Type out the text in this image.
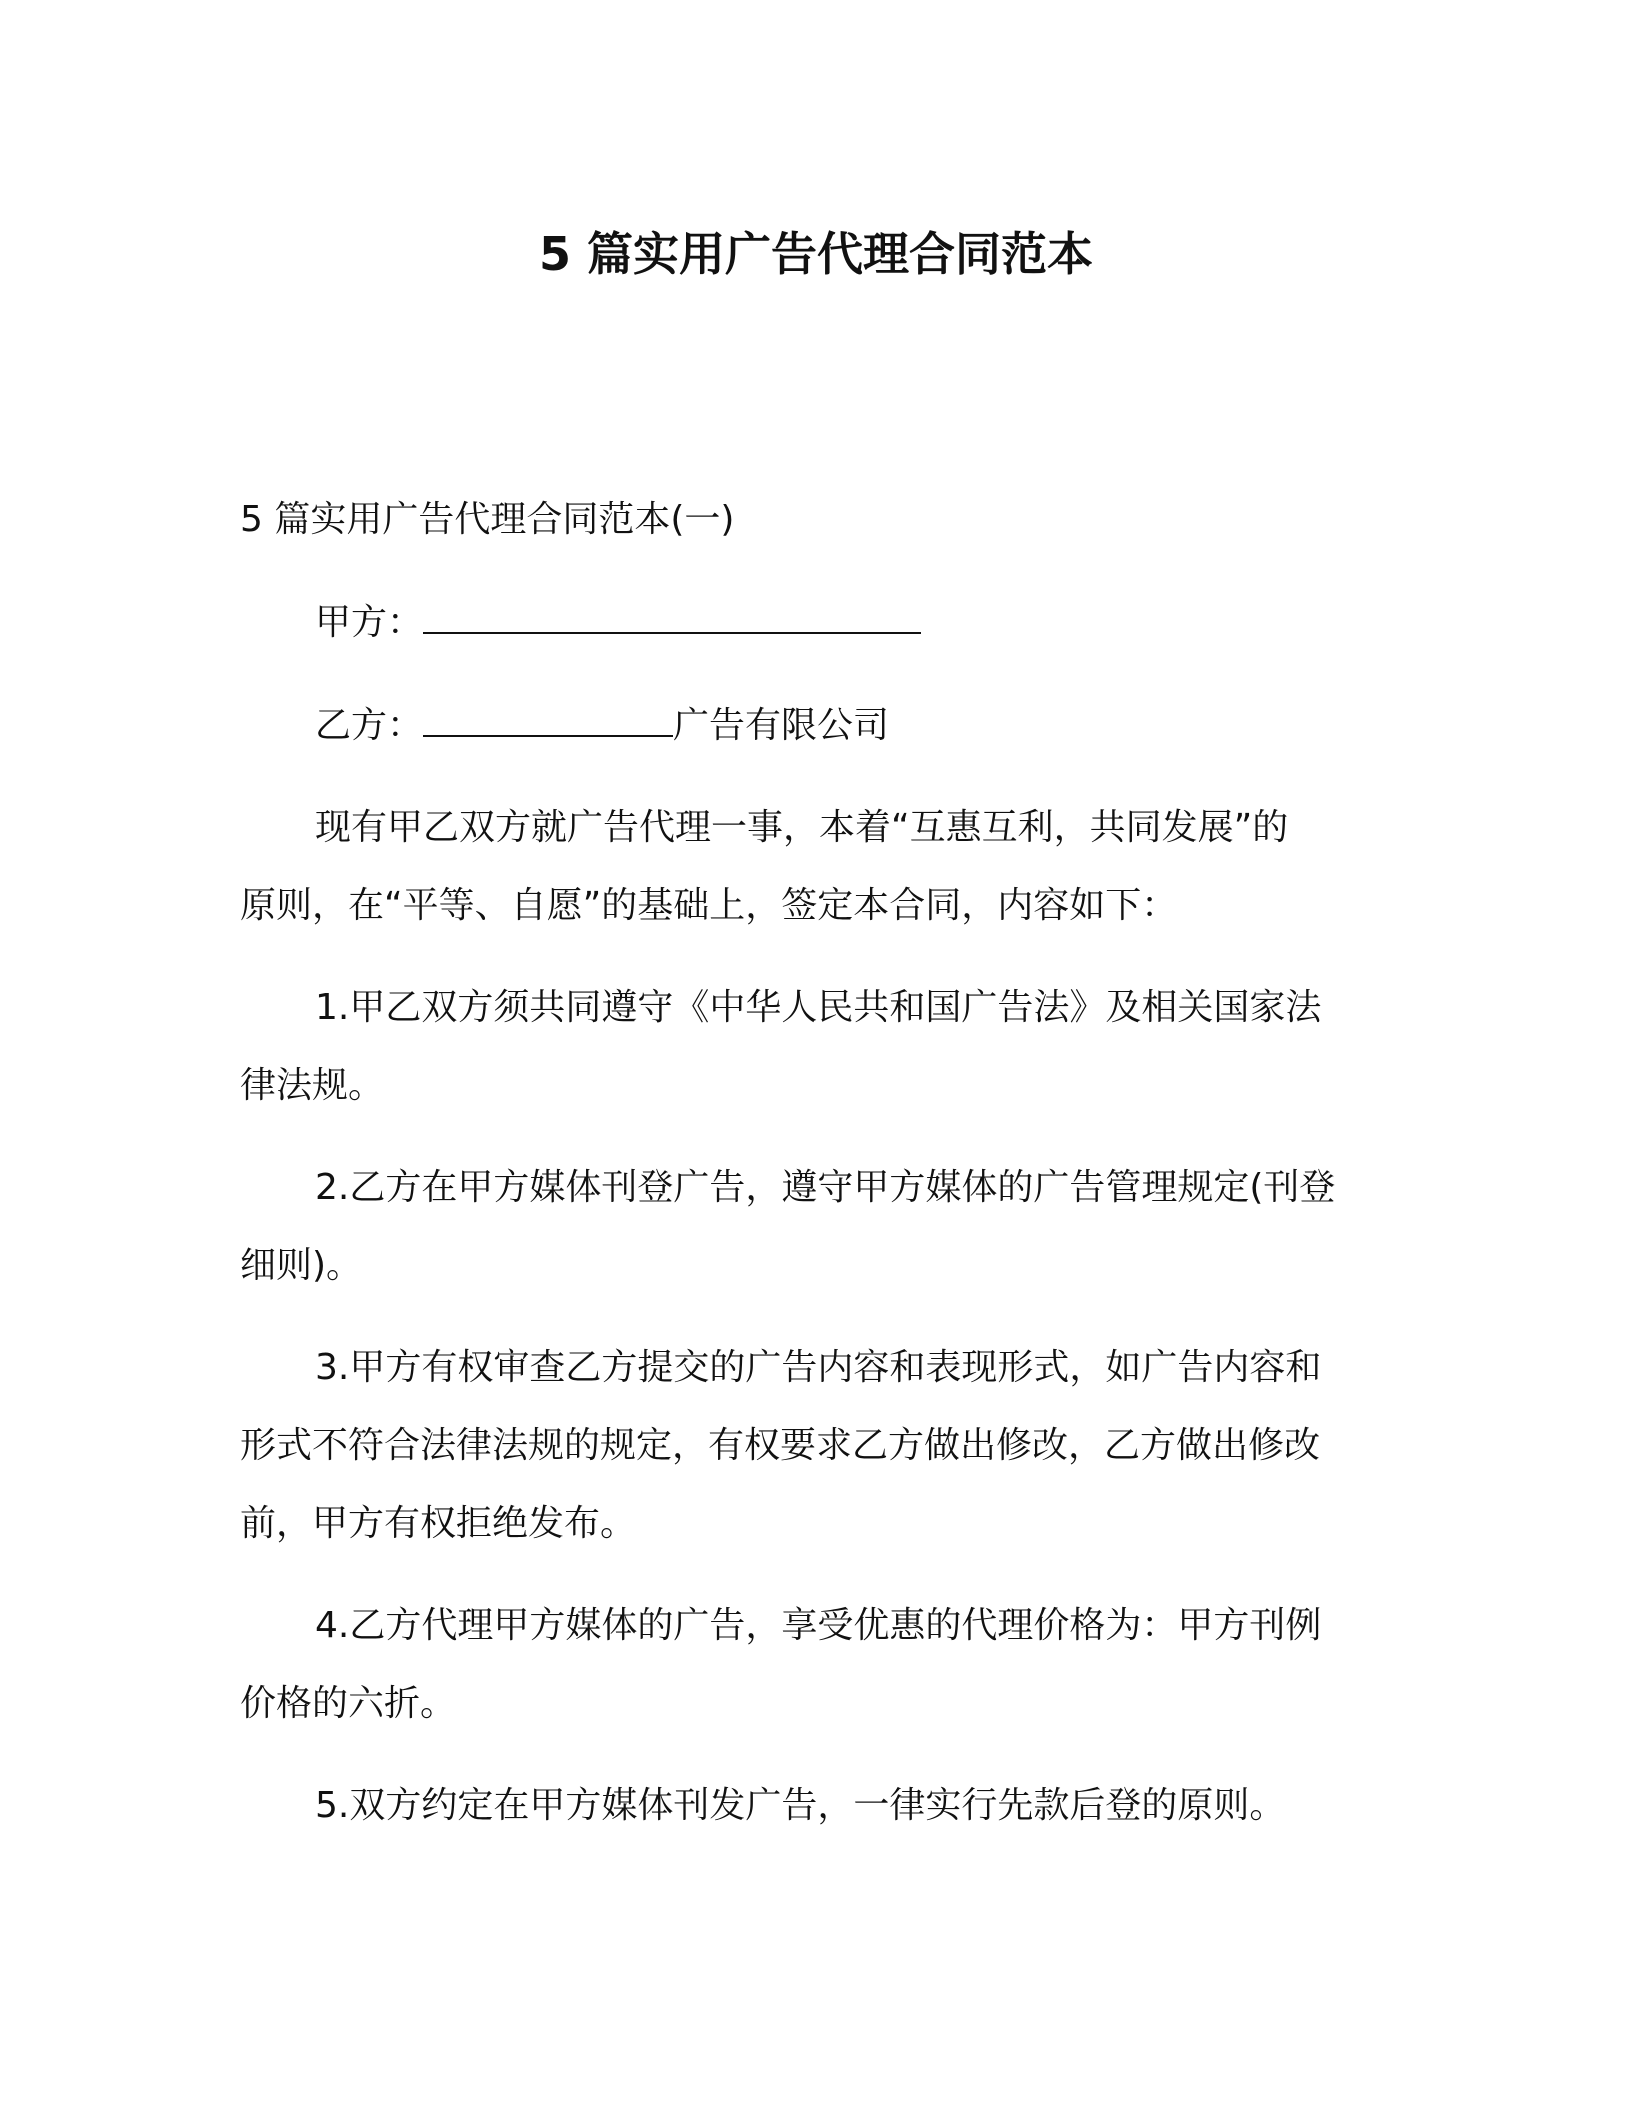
5 篇实用广告代理合同范本

5 篇实用广告代理合同范本(一)

甲方：

乙方：	广告有限公司

现有甲乙双方就广告代理一事，本着“互惠互利，共同发展”的

原则，在“平等、自愿”的基础上，签定本合同，内容如下：

1.甲乙双方须共同遵守《中华人民共和国广告法》及相关国家法

律法规。

2.乙方在甲方媒体刊登广告，遵守甲方媒体的广告管理规定(刊登

细则)。

3.甲方有权审查乙方提交的广告内容和表现形式，如广告内容和

形式不符合法律法规的规定，有权要求乙方做出修改，乙方做出修改

前，甲方有权拒绝发布。

4.乙方代理甲方媒体的广告，享受优惠的代理价格为：甲方刊例

价格的六折。

5.双方约定在甲方媒体刊发广告，一律实行先款后登的原则。
